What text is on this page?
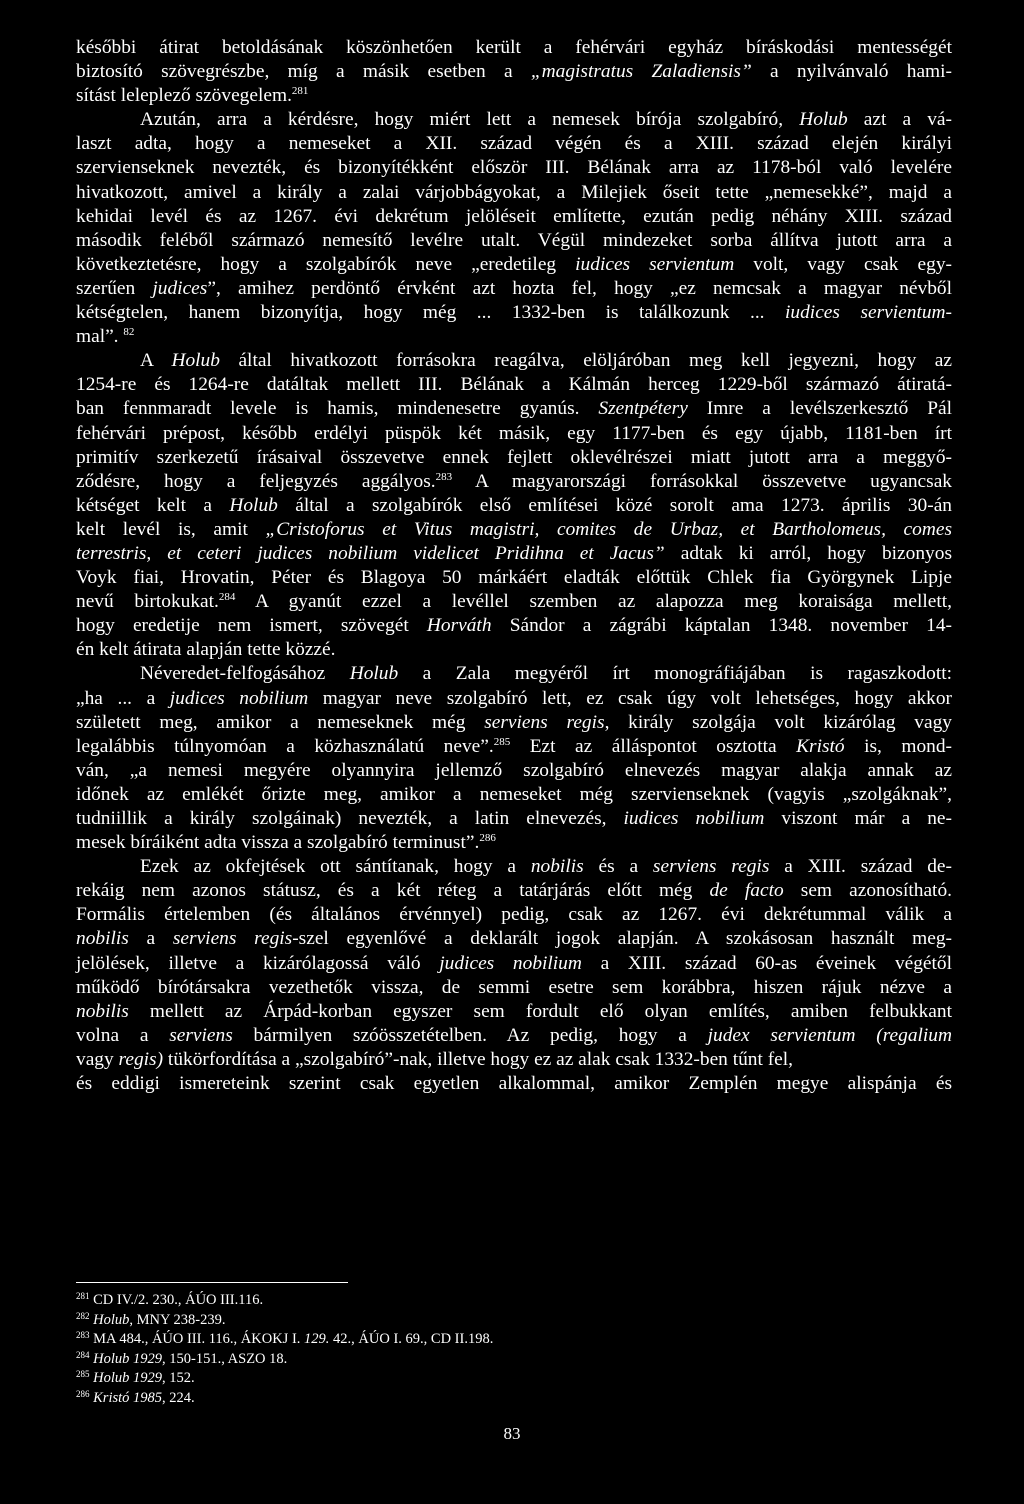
későbbi átirat betoldásának köszönhetően került a fehérvári egyház bíráskodási mentességét
biztosító szövegrészbe, míg a másik esetben a „magistratus Zaladiensis” a nyilvánvaló hami-
sítást leleplező szövegelem.$^{281}$
Azután, arra a kérdésre, hogy miért lett a nemesek bírója szolgabíró, Holub azt a vá-
laszt adta, hogy a nemeseket a XII. század végén és a XIII. század elején királyi
szervienseknek nevezték, és bizonyítékként először III. Bélának arra az 1178-ból való levelére
hivatkozott, amivel a király a zalai várjobbágyokat, a Milejiek őseit tette „nemesekké”, majd a
kehidai levél és az 1267. évi dekrétum jelöléseit említette, ezután pedig néhány XIII. század
második feléből származó nemesítő levélre utalt. Végül mindezeket sorba állítva jutott arra a
következtetésre, hogy a szolgabírók neve „eredetileg iudices servientum volt, vagy csak egy-
szerűen judices”, amihez perdöntő érvként azt hozta fel, hogy „ez nemcsak a magyar névből
kétségtelen, hanem bizonyítja, hogy még ... 1332-ben is találkozunk ... iudices servientum-
mal”. $^{82}$
A Holub által hivatkozott forrásokra reagálva, elöljáróban meg kell jegyezni, hogy az
1254-re és 1264-re datáltak mellett III. Bélának a Kálmán herceg 1229-ből származó átiratá-
ban fennmaradt levele is hamis, mindenesetre gyanús. Szentpétery Imre a levélszerkesztő Pál
fehérvári prépost, később erdélyi püspök két másik, egy 1177-ben és egy újabb, 1181-ben írt
primitív szerkezetű írásaival összevetve ennek fejlett oklevélrészei miatt jutott arra a meggyő-
ződésre, hogy a feljegyzés aggályos.$^{283}$ A magyarországi forrásokkal összevetve ugyancsak
kétséget kelt a Holub által a szolgabírók első említései közé sorolt ama 1273. április 30-án
kelt levél is, amit „Cristoforus et Vitus magistri, comites de Urbaz, et Bartholomeus, comes
terrestris, et ceteri judices nobilium videlicet Pridihna et Jacus” adtak ki arról, hogy bizonyos
Voyk fiai, Hrovatin, Péter és Blagoya 50 márkáért eladták előttük Chlek fia Györgynek Lipje
nevű birtokukat.$^{284}$ A gyanút ezzel a levéllel szemben az alapozza meg koraisága mellett,
hogy eredetije nem ismert, szövegét Horváth Sándor a zágrábi káptalan 1348. november 14-
én kelt átirata alapján tette közzé.
Néveredet-felfogásához Holub a Zala megyéről írt monográfiájában is ragaszkodott:
„ha ... a judices nobilium magyar neve szolgabíró lett, ez csak úgy volt lehetséges, hogy akkor
született meg, amikor a nemeseknek még serviens regis, király szolgája volt kizárólag vagy
legalábbis túlnyomóan a közhasználatú neve”.$^{285}$ Ezt az álláspontot osztotta Kristó is, mond-
ván, „a nemesi megyére olyannyira jellemző szolgabíró elnevezés magyar alakja annak az
időnek az emlékét őrizte meg, amikor a nemeseket még szervienseknek (vagyis „szolgáknak”,
tudniillik a király szolgáinak) nevezték, a latin elnevezés, iudices nobilium viszont már a ne-
mesek bíráiként adta vissza a szolgabíró terminust”.$^{286}$
Ezek az okfejtések ott sántítanak, hogy a nobilis és a serviens regis a XIII. század de-
rekáig nem azonos státusz, és a két réteg a tatárjárás előtt még de facto sem azonosítható.
Formális értelemben (és általános érvénnyel) pedig, csak az 1267. évi dekrétummal válik a
nobilis a serviens regis-szel egyenlővé a deklarált jogok alapján. A szokásosan használt meg-
jelölések, illetve a kizárólagossá váló judices nobilium a XIII. század 60-as éveinek végétől
működő bírótársakra vezethetők vissza, de semmi esetre sem korábbra, hiszen rájuk nézve a
nobilis mellett az Árpád-korban egyszer sem fordult elő olyan említés, amiben felbukkant
volna a serviens bármilyen szóösszetételben. Az pedig, hogy a judex servientum (regalium
vagy regis) tükörfordítása a „szolgabíró”-nak, illetve hogy ez az alak csak 1332-ben tűnt fel,
és eddigi ismereteink szerint csak egyetlen alkalommal, amikor Zemplén megye alispánja és
$^{281}$ CD IV./2. 230., ÁÚO III.116.
$^{282}$ Holub, MNY 238-239.
$^{283}$ MA 484., ÁÚO III. 116., ÁKOKJ I. 129. 42., ÁÚO I. 69., CD II.198.
$^{284}$ Holub 1929, 150-151., ASZO 18.
$^{285}$ Holub 1929, 152.
$^{286}$ Kristó 1985, 224.
83
